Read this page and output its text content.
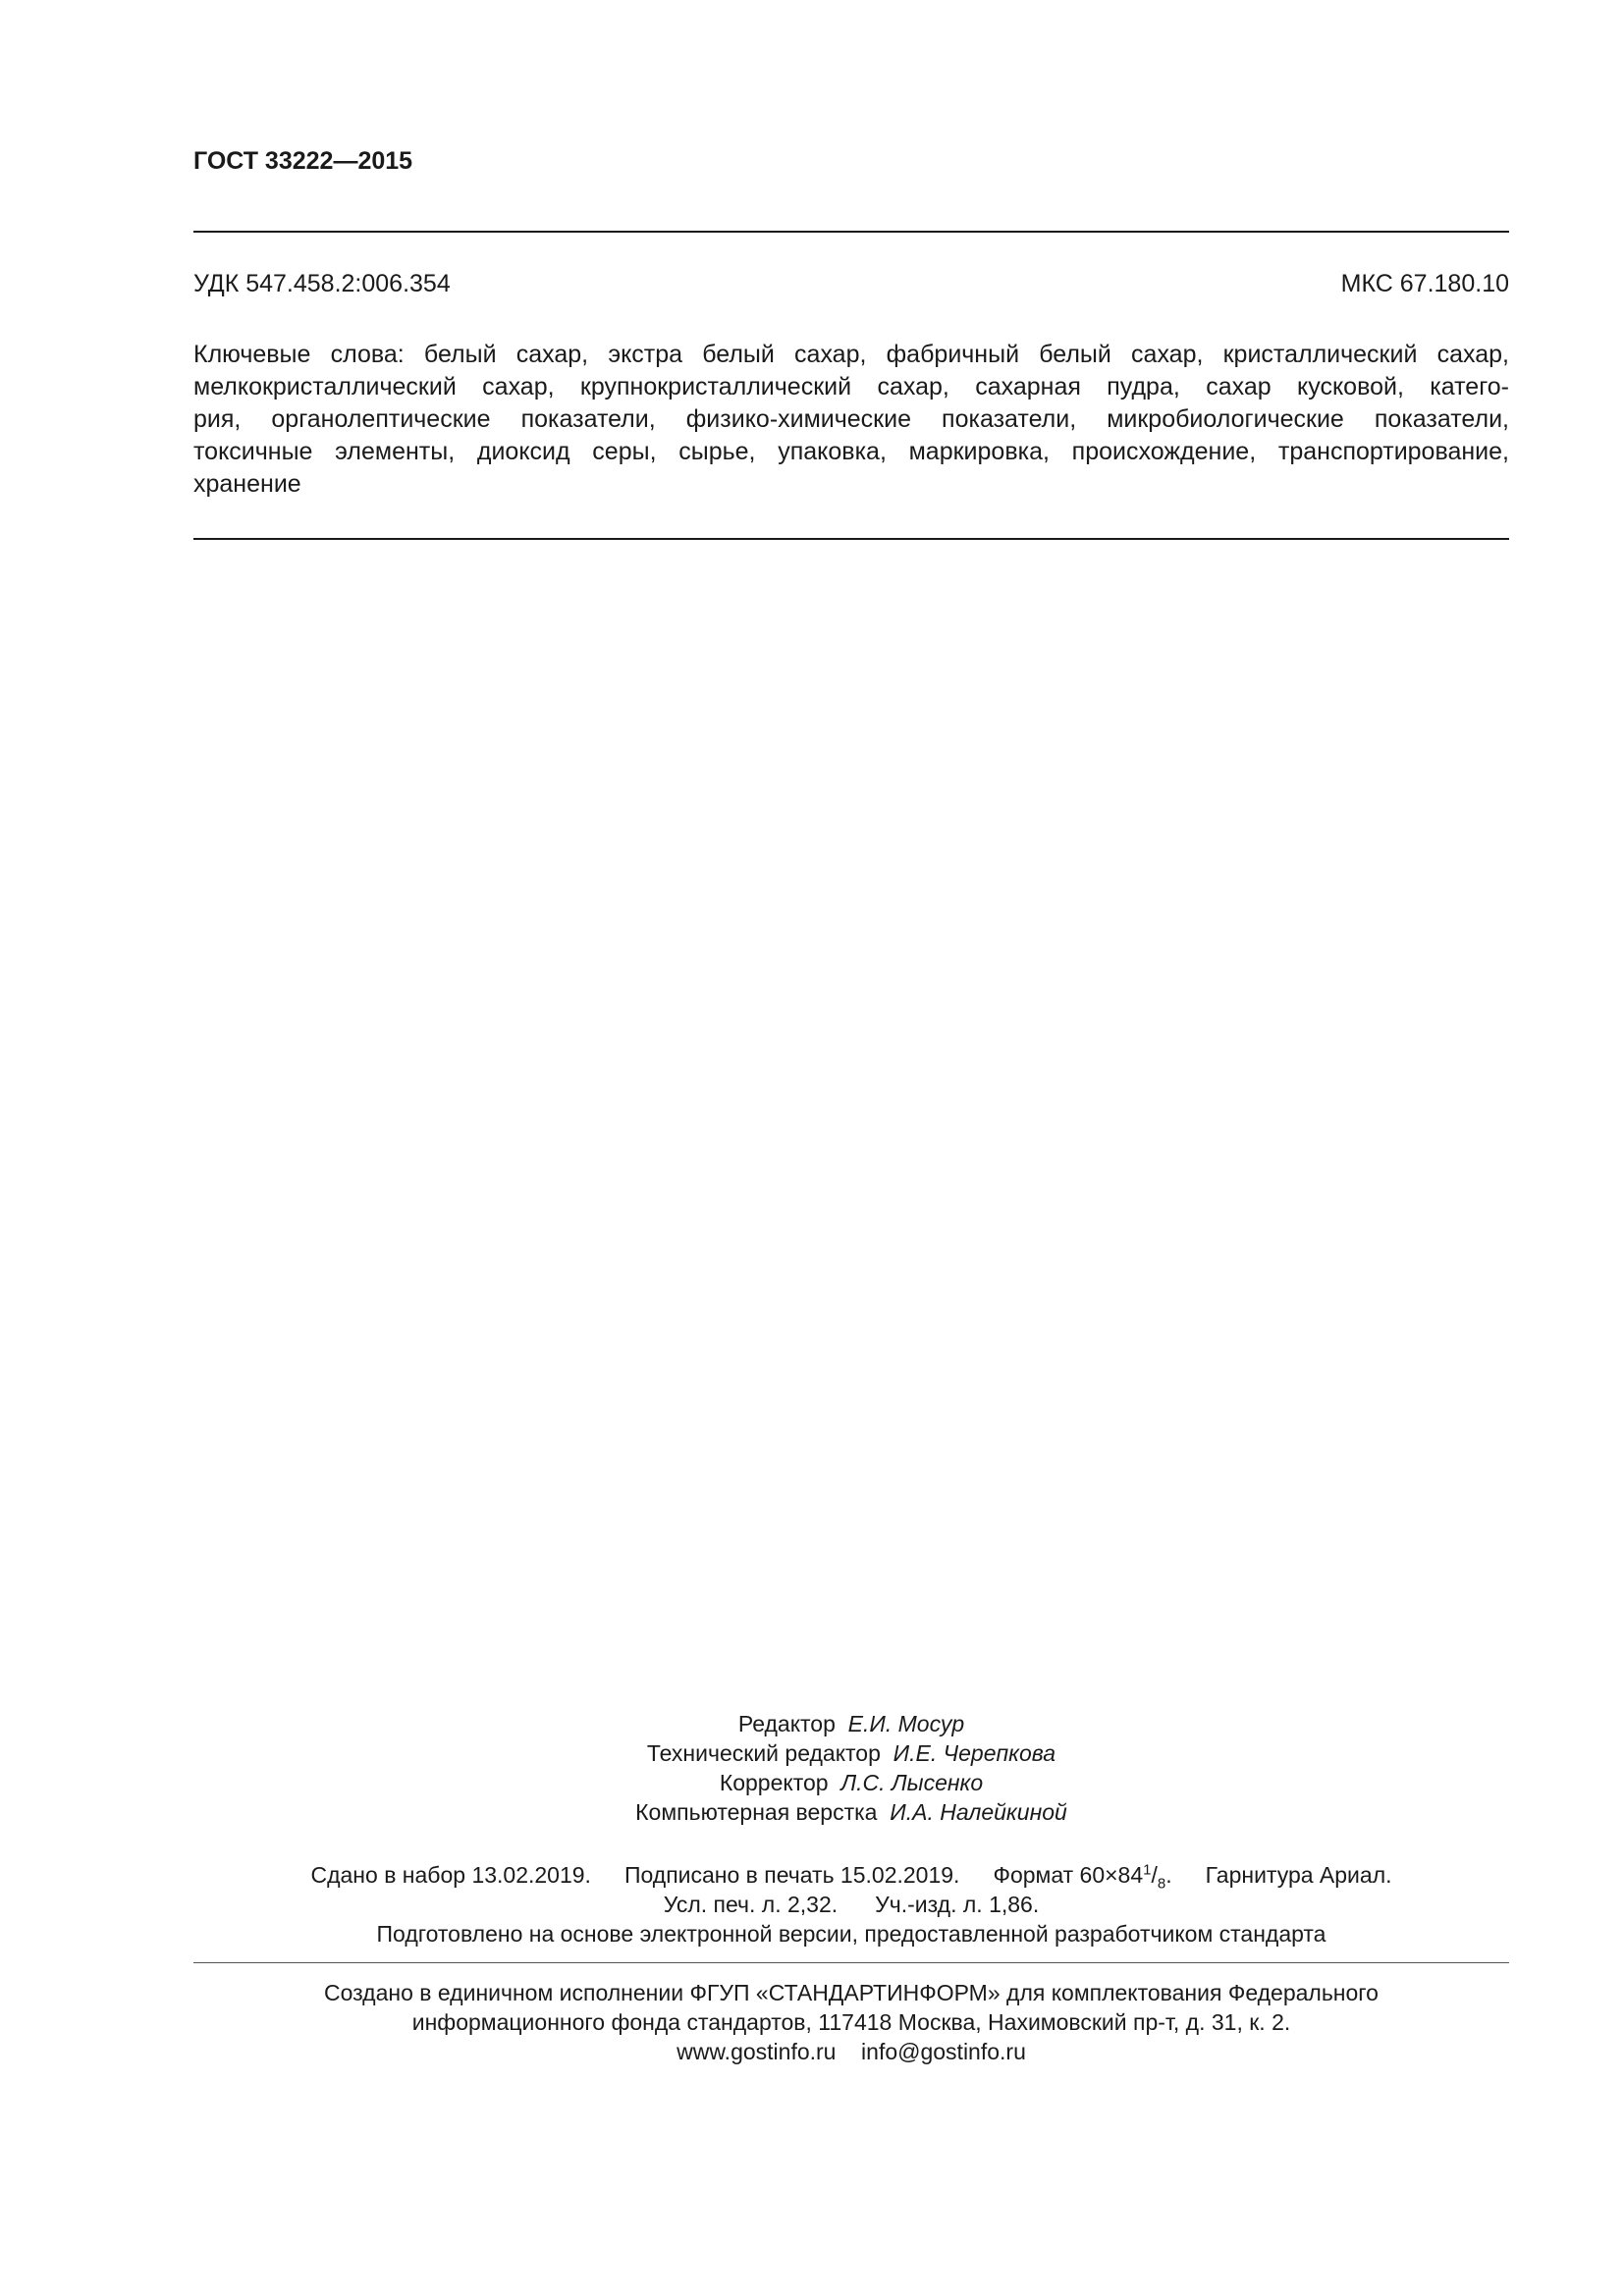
ГОСТ 33222—2015
УДК 547.458.2:006.354	МКС 67.180.10
Ключевые слова: белый сахар, экстра белый сахар, фабричный белый сахар, кристаллический сахар,
мелкокристаллический сахар, крупнокристаллический сахар, сахарная пудра, сахар кусковой, катего-
рия, органолептические показатели, физико-химические показатели, микробиологические показатели,
токсичные элементы, диоксид серы, сырье, упаковка, маркировка, происхождение, транспортирование,
хранение
Редактор Е.И. Мосур
Технический редактор И.Е. Черепкова
Корректор Л.С. Лысенко
Компьютерная верстка И.А. Налейкиной
Сдано в набор 13.02.2019. Подписано в печать 15.02.2019. Формат $60\times 84^1/_8$. Гарнитура Ариал.
Усл. печ. л. 2,32. Уч.-изд. л. 1,86.
Подготовлено на основе электронной версии, предоставленной разработчиком стандарта
Создано в единичном исполнении ФГУП «СТАНДАРТИНФОРМ» для комплектования Федерального
информационного фонда стандартов, 117418 Москва, Нахимовский пр-т, д. 31, к. 2.
www.gostinfo.ru info@gostinfo.ru
